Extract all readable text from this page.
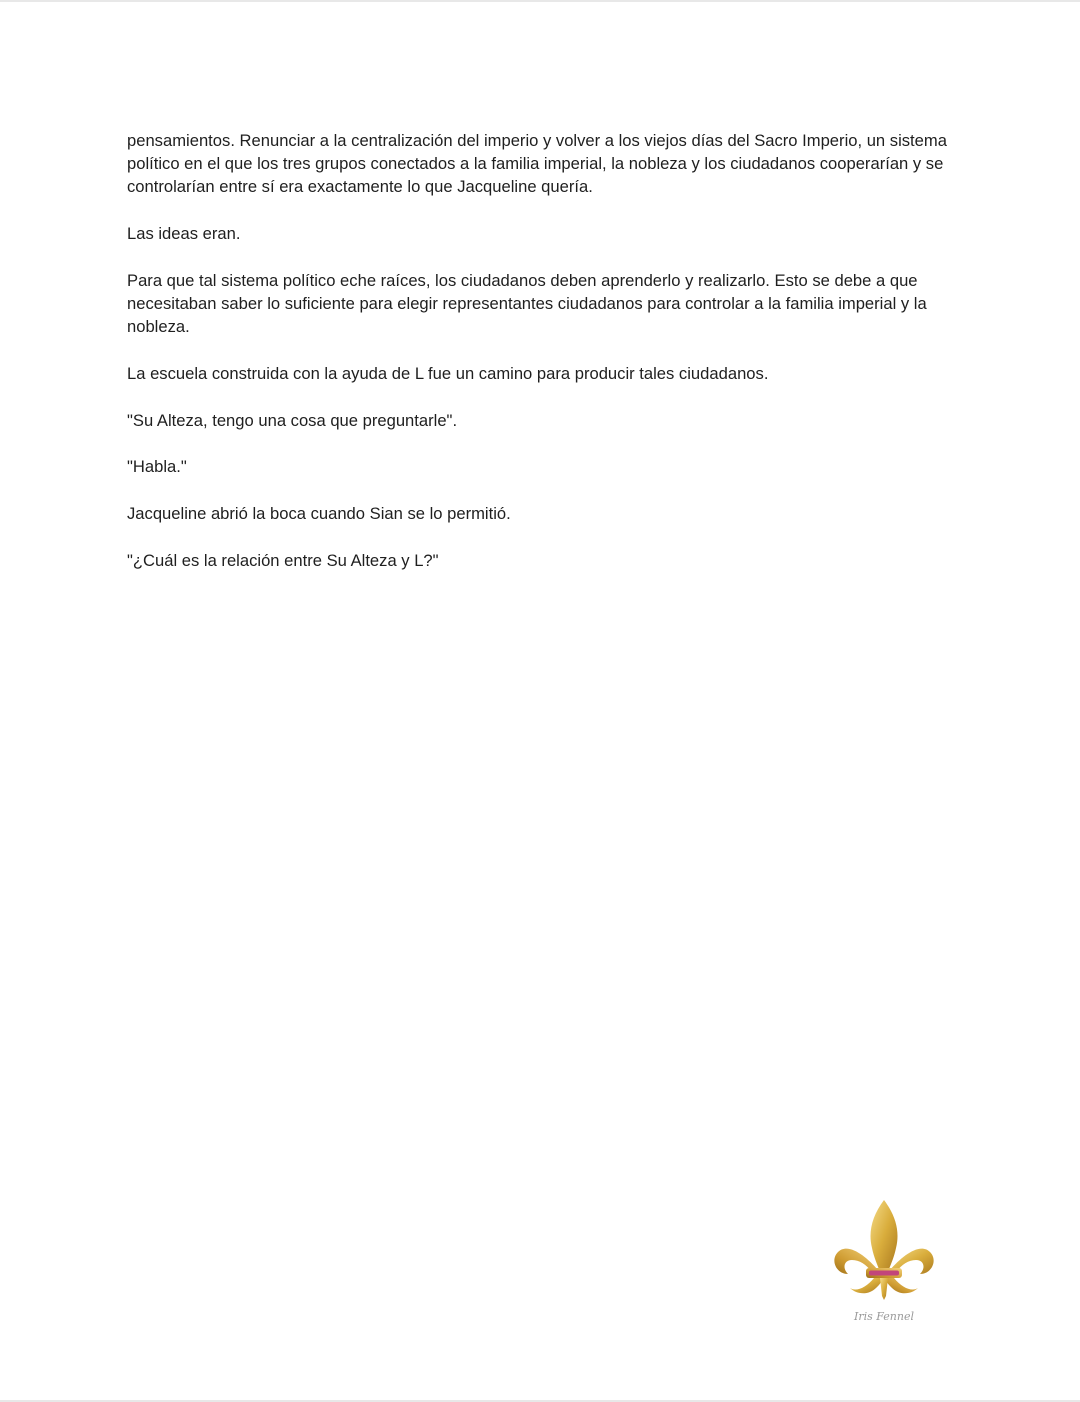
pensamientos. Renunciar a la centralización del imperio y volver a los viejos días del Sacro Imperio, un sistema político en el que los tres grupos conectados a la familia imperial, la nobleza y los ciudadanos cooperarían y se controlarían entre sí era exactamente lo que Jacqueline quería.

Las ideas eran.

Para que tal sistema político eche raíces, los ciudadanos deben aprenderlo y realizarlo. Esto se debe a que necesitaban saber lo suficiente para elegir representantes ciudadanos para controlar a la familia imperial y la nobleza.

La escuela construida con la ayuda de L fue un camino para producir tales ciudadanos.

"Su Alteza, tengo una cosa que preguntarle".

"Habla."

Jacqueline abrió la boca cuando Sian se lo permitió.

"¿Cuál es la relación entre Su Alteza y L?"

Iris Fennel
